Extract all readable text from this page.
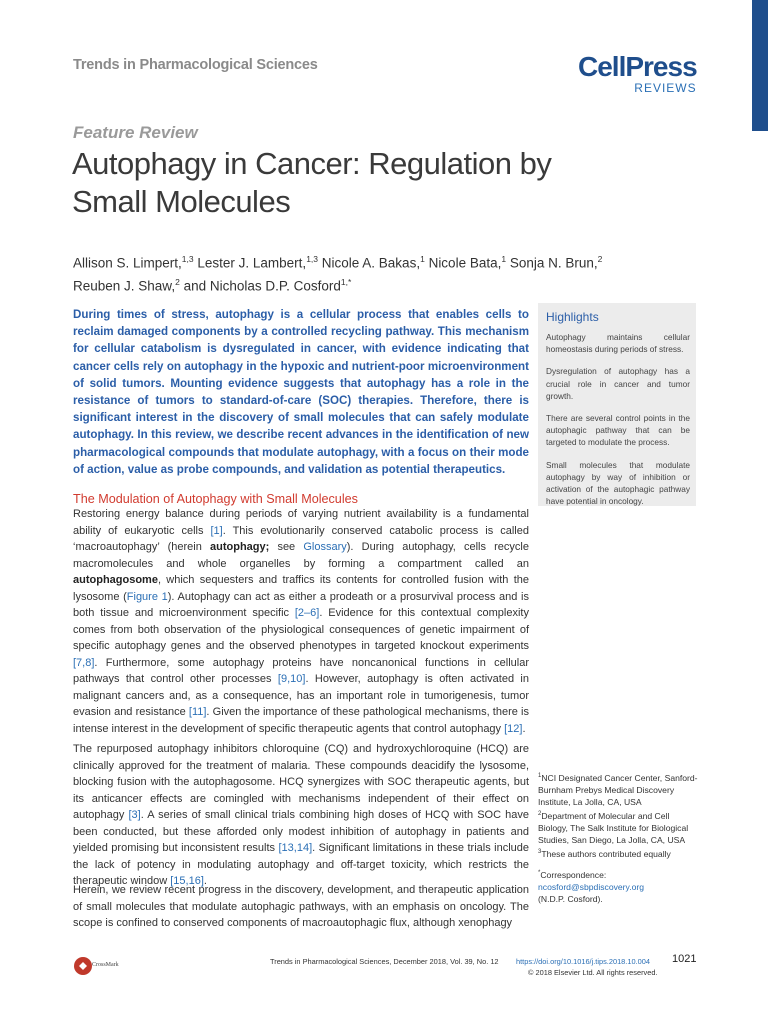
Trends in Pharmacological Sciences	CellPress
REVIEWS
Feature Review
Autophagy in Cancer: Regulation by Small Molecules
Allison S. Limpert,$^{1,3}$ Lester J. Lambert,$^{1,3}$ Nicole A. Bakas,$^1$ Nicole Bata,$^1$ Sonja N. Brun,$^2$ Reuben J. Shaw,$^2$ and Nicholas D.P. Cosford$^{1,*}$
During times of stress, autophagy is a cellular process that enables cells to reclaim damaged components by a controlled recycling pathway. This mechanism for cellular catabolism is dysregulated in cancer, with evidence indicating that cancer cells rely on autophagy in the hypoxic and nutrient-poor microenvironment of solid tumors. Mounting evidence suggests that autophagy has a role in the resistance of tumors to standard-of-care (SOC) therapies. Therefore, there is significant interest in the discovery of small molecules that can safely modulate autophagy. In this review, we describe recent advances in the identification of new pharmacological compounds that modulate autophagy, with a focus on their mode of action, value as probe compounds, and validation as potential therapeutics.
Highlights
Autophagy maintains cellular homeostasis during periods of stress.
Dysregulation of autophagy has a crucial role in cancer and tumor growth.
There are several control points in the autophagic pathway that can be targeted to modulate the process.
Small molecules that modulate autophagy by way of inhibition or activation of the autophagic pathway have potential in oncology.
The Modulation of Autophagy with Small Molecules
Restoring energy balance during periods of varying nutrient availability is a fundamental ability of eukaryotic cells [1]. This evolutionarily conserved catabolic process is called ‘macroautophagy’ (herein autophagy; see Glossary). During autophagy, cells recycle macromolecules and whole organelles by forming a compartment called an autophagosome, which sequesters and traffics its contents for controlled fusion with the lysosome (Figure 1). Autophagy can act as either a prodeath or a prosurvival process and is both tissue and microenvironment specific [2–6]. Evidence for this contextual complexity comes from both observation of the physiological consequences of genetic impairment of specific autophagy genes and the observed phenotypes in targeted knockout experiments [7,8]. Furthermore, some autophagy proteins have noncanonical functions in cellular pathways that control other processes [9,10]. However, autophagy is often activated in malignant cancers and, as a consequence, has an important role in tumorigenesis, tumor evasion and resistance [11]. Given the importance of these pathological mechanisms, there is intense interest in the development of specific therapeutic agents that control autophagy [12].
The repurposed autophagy inhibitors chloroquine (CQ) and hydroxychloroquine (HCQ) are clinically approved for the treatment of malaria. These compounds deacidify the lysosome, blocking fusion with the autophagosome. HCQ synergizes with SOC therapeutic agents, but its anticancer effects are comingled with mechanisms independent of their effect on autophagy [3]. A series of small clinical trials combining high doses of HCQ with SOC have been conducted, but these afforded only modest inhibition of autophagy in patients and yielded promising but inconsistent results [13,14]. Significant limitations in these trials include the lack of potency in modulating autophagy and off-target toxicity, which restricts the therapeutic window [15,16].
Herein, we review recent progress in the discovery, development, and therapeutic application of small molecules that modulate autophagic pathways, with an emphasis on oncology. The scope is confined to conserved components of macroautophagic flux, although xenophagy
$^1$NCI Designated Cancer Center, Sanford-Burnham Prebys Medical Discovery Institute, La Jolla, CA, USA
$^2$Department of Molecular and Cell Biology, The Salk Institute for Biological Studies, San Diego, La Jolla, CA, USA
$^3$These authors contributed equally
*Correspondence:
ncosford@sbpdiscovery.org
(N.D.P. Cosford).
CrossMark	Trends in Pharmacological Sciences, December 2018, Vol. 39, No. 12 https://doi.org/10.1016/j.tips.2018.10.004 1021
© 2018 Elsevier Ltd. All rights reserved.
